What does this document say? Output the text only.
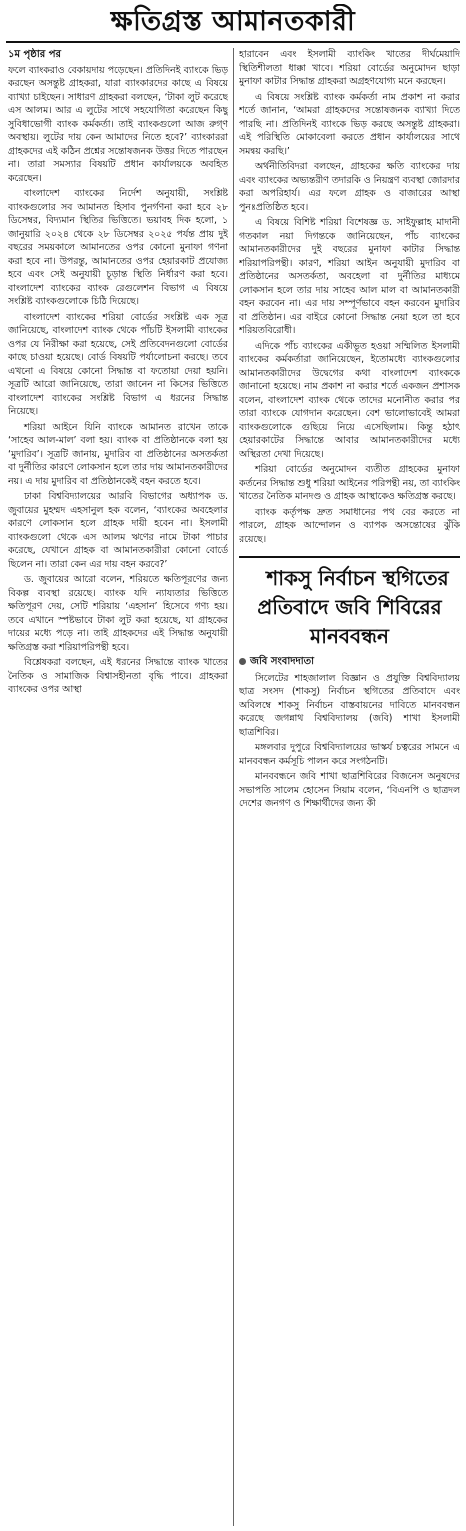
ক্ষতিগ্রস্ত আমানতকারী
১ম পৃষ্ঠার পর

ফলে ব্যাংকরাও বেকায়দায় পড়েছেন। প্রতিদিনই ব্যাংকে ভিড় করছেন অসন্তুষ্ট গ্রাহকরা, যারা ব্যাংকারদের কাছে এ বিষয়ে ব্যাখ্যা চাইছেন। সাধারণ গ্রাহকরা বলছেন, ‘টাকা লুট করেছে এস আলম। আর এ লুটের সাথে সহযোগিতা করেছেন কিছু সুবিধাভোগী ব্যাংক কর্মকর্তা। তাই ব্যাংকগুলো আজ রুগ্ণ অবস্থায়। লুটের দায় কেন আমাদের নিতে হবে?’ ব্যাংকাররা গ্রাহকদের এই কঠিন প্রশ্নের সন্তোষজনক উত্তর দিতে পারছেন না। তারা সমস্যার বিষয়টি প্রধান কার্যালয়কে অবহিত করেছেন।

বাংলাদেশ ব্যাংকের নির্দেশ অনুযায়ী, সংশ্লিষ্ট ব্যাংকগুলোর সব আমানত হিসাব পুনর্গণনা করা হবে ২৮ ডিসেম্বর, বিদ্যমান স্থিতির ভিত্তিতে। ভয়াবহ দিক হলো, ১ জানুয়ারি ২০২৪ থেকে ২৮ ডিসেম্বর ২০২৫ পর্যন্ত প্রায় দুই বছরের সময়কালে আমানতের ওপর কোনো মুনাফা গণনা করা হবে না। উপরন্তু, আমানতের ওপর হেয়ারকাট প্রযোজ্য হবে এবং সেই অনুযায়ী চূড়ান্ত স্থিতি নির্ধারণ করা হবে। বাংলাদেশ ব্যাংকের ব্যাংক রেগুলেশন বিভাগ এ বিষয়ে সংশ্লিষ্ট ব্যাংকগুলোকে চিঠি দিয়েছে।

বাংলাদেশ ব্যাংকের শরিয়া বোর্ডের সংশ্লিষ্ট এক সূত্র জানিয়েছে, বাংলাদেশ ব্যাংক থেকে পাঁচটি ইসলামী ব্যাংকের ওপর যে নিরীক্ষা করা হয়েছে, সেই প্রতিবেদনগুলো বোর্ডের কাছে চাওয়া হয়েছে। বোর্ড বিষয়টি পর্যালোচনা করছে। তবে এখনো এ বিষয়ে কোনো সিদ্ধান্ত বা ফতোয়া দেয়া হয়নি। সূত্রটি আরো জানিয়েছে, তারা জানেন না কিসের ভিত্তিতে বাংলাদেশ ব্যাংকের সংশ্লিষ্ট বিভাগ এ ধরনের সিদ্ধান্ত নিয়েছে।

শরিয়া আইনে যিনি ব্যাংকে আমানত রাখেন তাকে ‘সাহেব আল-মাল’ বলা হয়। ব্যাংক বা প্রতিষ্ঠানকে বলা হয় ‘মুদারিব’। সূত্রটি জানায়, মুদারিব বা প্রতিষ্ঠানের অসতর্কতা বা দুর্নীতির কারণে লোকসান হলে তার দায় আমানতকারীদের নয়। এ দায় মুদারিব বা প্রতিষ্ঠানকেই বহন করতে হবে।

ঢাকা বিশ্ববিদ্যালয়ের আরবি বিভাগের অধ্যাপক ড. জুবায়ের মুহম্মদ এহসানুল হক বলেন, ‘ব্যাংকের অবহেলার কারণে লোকসান হলে গ্রাহক দায়ী হবেন না। ইসলামী ব্যাংকগুলো থেকে এস আলম ঋণের নামে টাকা পাচার করেছে, যেখানে গ্রাহক বা আমানতকারীরা কোনো বোর্ডে ছিলেন না। তারা কেন এর দায় বহন করবে?’

ড. জুবায়ের আরো বলেন, শরিয়তে ক্ষতিপূরণের জন্য বিকল্প ব্যবস্থা রয়েছে। ব্যাংক যদি ন্যায্যতার ভিত্তিতে ক্ষতিপূরণ দেয়, সেটি শরিয়ায় ‘এহসান’ হিসেবে গণ্য হয়। তবে এখানে স্পষ্টভাবে টাকা লুট করা হয়েছে, যা গ্রাহকের দায়ের মধ্যে পড়ে না। তাই গ্রাহকদের এই সিদ্ধান্ত অনুযায়ী ক্ষতিগ্রস্ত করা শরিয়াপরিপন্থী হবে।

বিশ্লেষকরা বলছেন, এই ধরনের সিদ্ধান্তে ব্যাংক খাতের নৈতিক ও সামাজিক বিশ্বাসহীনতা বৃদ্ধি পাবে। গ্রাহকরা ব্যাংকের ওপর আস্থা

হারাবেন এবং ইসলামী ব্যাংকিং খাতের দীর্ঘমেয়াদি স্থিতিশীলতা ধাক্কা খাবে। শরিয়া বোর্ডের অনুমোদন ছাড়া মুনাফা কাটার সিদ্ধান্ত গ্রাহকরা অগ্রহণযোগ্য মনে করছেন।

এ বিষয়ে সংশ্লিষ্ট ব্যাংক কর্মকর্তা নাম প্রকাশ না করার শর্তে জানান, ‘আমরা গ্রাহকদের সন্তোষজনক ব্যাখ্যা দিতে পারছি না। প্রতিদিনই ব্যাংকে ভিড় করছে অসন্তুষ্ট গ্রাহকরা। এই পরিস্থিতি মোকাবেলা করতে প্রধান কার্যালয়ের সাথে সমন্বয় করছি।’

অর্থনীতিবিদরা বলছেন, গ্রাহকের ক্ষতি ব্যাংকের দায় এবং ব্যাংকের অভ্যন্তরীণ তদারকি ও নিয়ন্ত্রণ ব্যবস্থা জোরদার করা অপরিহার্য। এর ফলে গ্রাহক ও বাজারের আস্থা পুনঃপ্রতিষ্ঠিত হবে।

এ বিষয়ে বিশিষ্ট শরিয়া বিশেষজ্ঞ ড. সাইফুল্লাহ মাদানী গতকাল নয়া দিগন্তকে জানিয়েছেন, পাঁচ ব্যাংকের আমানতকারীদের দুই বছরের মুনাফা কাটার সিদ্ধান্ত শরিয়াপরিপন্থী। কারণ, শরিয়া আইন অনুযায়ী মুদারিব বা প্রতিষ্ঠানের অসতর্কতা, অবহেলা বা দুর্নীতির মাধ্যমে লোকসান হলে তার দায় সাহেব আল মাল বা আমানতকারী বহন করবেন না। এর দায় সম্পূর্ণভাবে বহন করবেন মুদারিব বা প্রতিষ্ঠান। এর বাইরে কোনো সিদ্ধান্ত নেয়া হলে তা হবে শরিয়তবিরোধী।

এদিকে পাঁচ ব্যাংকের একীভূত হওয়া সম্মিলিত ইসলামী ব্যাংকের কর্মকর্তারা জানিয়েছেন, ইতোমধ্যে ব্যাংকগুলোর আমানতকারীদের উদ্বেগের কথা বাংলাদেশ ব্যাংককে জানানো হয়েছে। নাম প্রকাশ না করার শর্তে একজন প্রশাসক বলেন, বাংলাদেশ ব্যাংক থেকে তাদের মনোনীত করার পর তারা ব্যাংকে যোগদান করেছেন। বেশ ভালোভাবেই আমরা ব্যাংকগুলোকে গুছিয়ে নিয়ে এসেছিলাম। কিন্তু হঠাৎ হেয়ারকাটের সিদ্ধান্তে আবার আমানতকারীদের মধ্যে অস্থিরতা দেখা দিয়েছে।

শরিয়া বোর্ডের অনুমোদন ব্যতীত গ্রাহকের মুনাফা কর্তনের সিদ্ধান্ত শুধু শরিয়া আইনের পরিপন্থী নয়, তা ব্যাংকিং খাতের নৈতিক মানদণ্ড ও গ্রাহক আস্থাকেও ক্ষতিগ্রস্ত করছে।

ব্যাংক কর্তৃপক্ষ দ্রুত সমাধানের পথ বের করতে না পারলে, গ্রাহক আন্দোলন ও ব্যাপক অসন্তোষের ঝুঁকি রয়েছে।

শাকসু নির্বাচন স্থগিতের প্রতিবাদে জবি শিবিরের মানববন্ধন

জবি সংবাদদাতা

সিলেটের শাহজালাল বিজ্ঞান ও প্রযুক্তি বিশ্ববিদ্যালয় ছাত্র সংসদ (শাকসু) নির্বাচন স্থগিতের প্রতিবাদে এবং অবিলম্বে শাকসু নির্বাচন বাস্তবায়নের দাবিতে মানববন্ধন করেছে জগন্নাথ বিশ্ববিদ্যালয় (জবি) শাখা ইসলামী ছাত্রশিবির।

মঙ্গলবার দুপুরে বিশ্ববিদ্যালয়ের ভাস্কর্য চত্বরের সামনে এ মানববন্ধন কর্মসূচি পালন করে সংগঠনটি।

মানববন্ধনে জবি শাখা ছাত্রশিবিরের বিজনেস অনুষদের সভাপতি সালেম হোসেন সিয়াম বলেন, ‘বিএনপি ও ছাত্রদল দেশের জনগণ ও শিক্ষার্থীদের জন্য কী
